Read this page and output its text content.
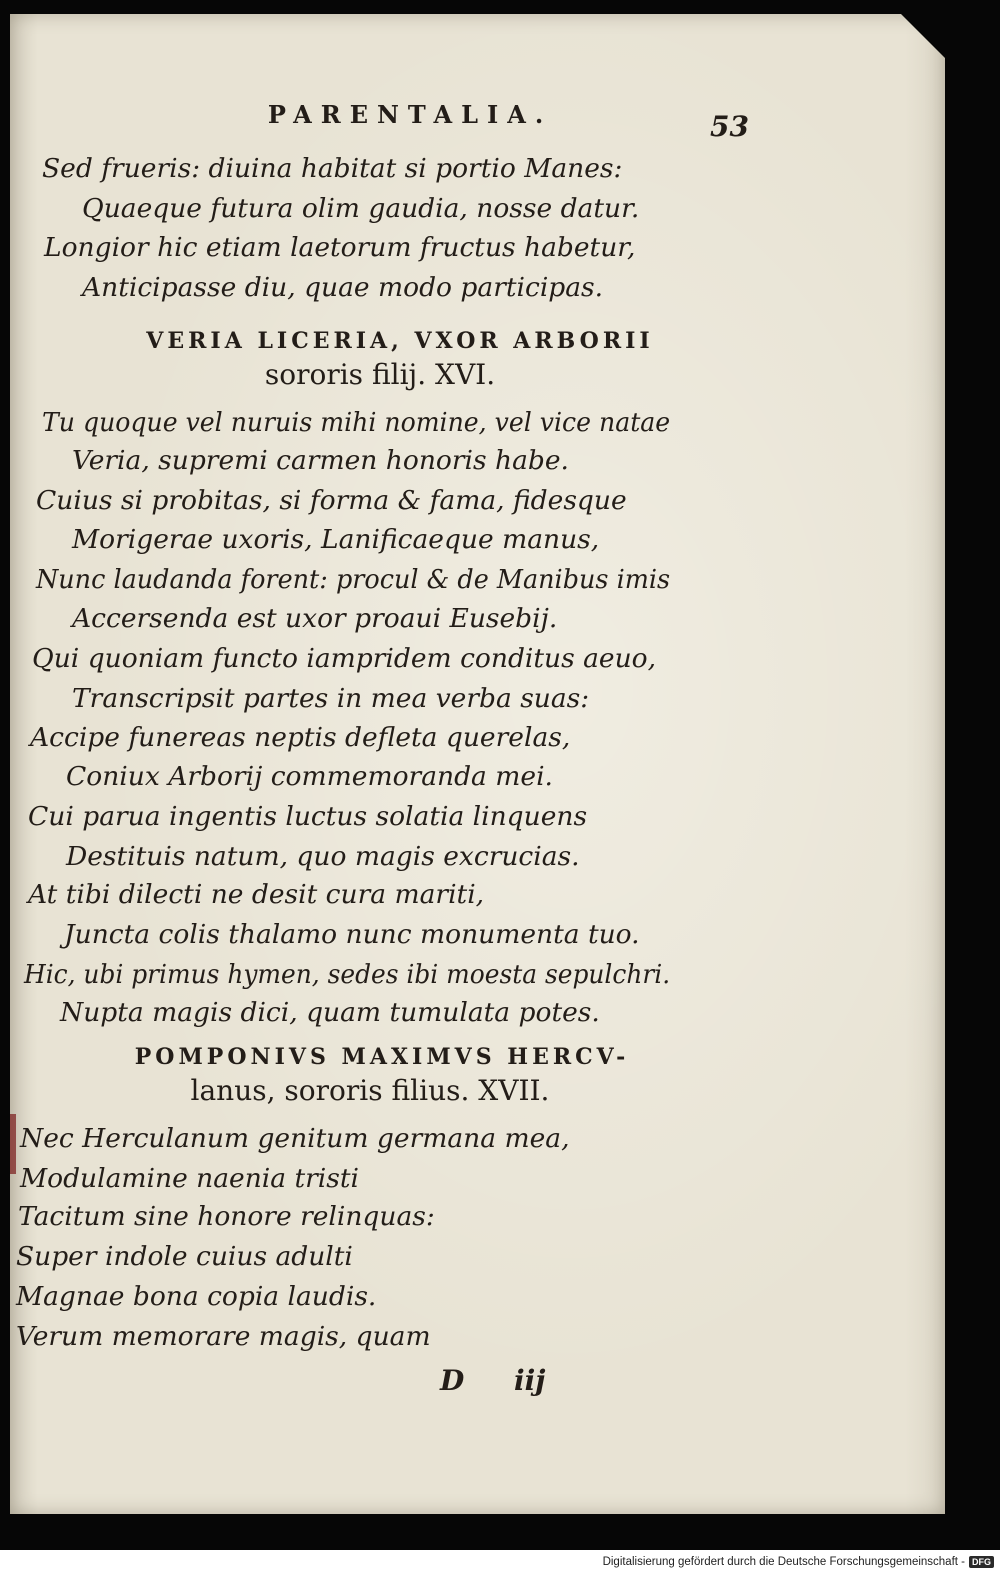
PARENTALIA.	53

Sed frueris: diuina habitat si portio Manes:

Quaeque futura olim gaudia, nosse datur.

Longior hic etiam laetorum fructus habetur,

Anticipasse diu, quae modo participas.

VERIA LICERIA, VXOR ARBORII
sororis filij. XVI.

Tu quoque vel nuruis mihi nomine, vel vice natae

Veria, supremi carmen honoris habe.

Cuius si probitas, si forma & fama, fidesque

Morigerae uxoris, Lanificaeque manus,

Nunc laudanda forent: procul & de Manibus imis

Accersenda est uxor proaui Eusebij.

Qui quoniam functo iampridem conditus aeuo,

Transcripsit partes in mea verba suas:

Accipe funereas neptis defleta querelas,

Coniux Arborij commemoranda mei.

Cui parua ingentis luctus solatia linquens

Destituis natum, quo magis excrucias.

At tibi dilecti ne desit cura mariti,

Juncta colis thalamo nunc monumenta tuo.

Hic, ubi primus hymen, sedes ibi moesta sepulchri.

Nupta magis dici, quam tumulata potes.

POMPONIVS MAXIMVS HERCV-
lanus, sororis filius. XVII.

Nec Herculanum genitum germana mea,

Modulamine naenia tristi

Tacitum sine honore relinquas:

Super indole cuius adulti

Magnae bona copia laudis.

Verum memorare magis, quam

D iij
Digitalisierung gefördert durch die Deutsche Forschungsgemeinschaft - DFG
